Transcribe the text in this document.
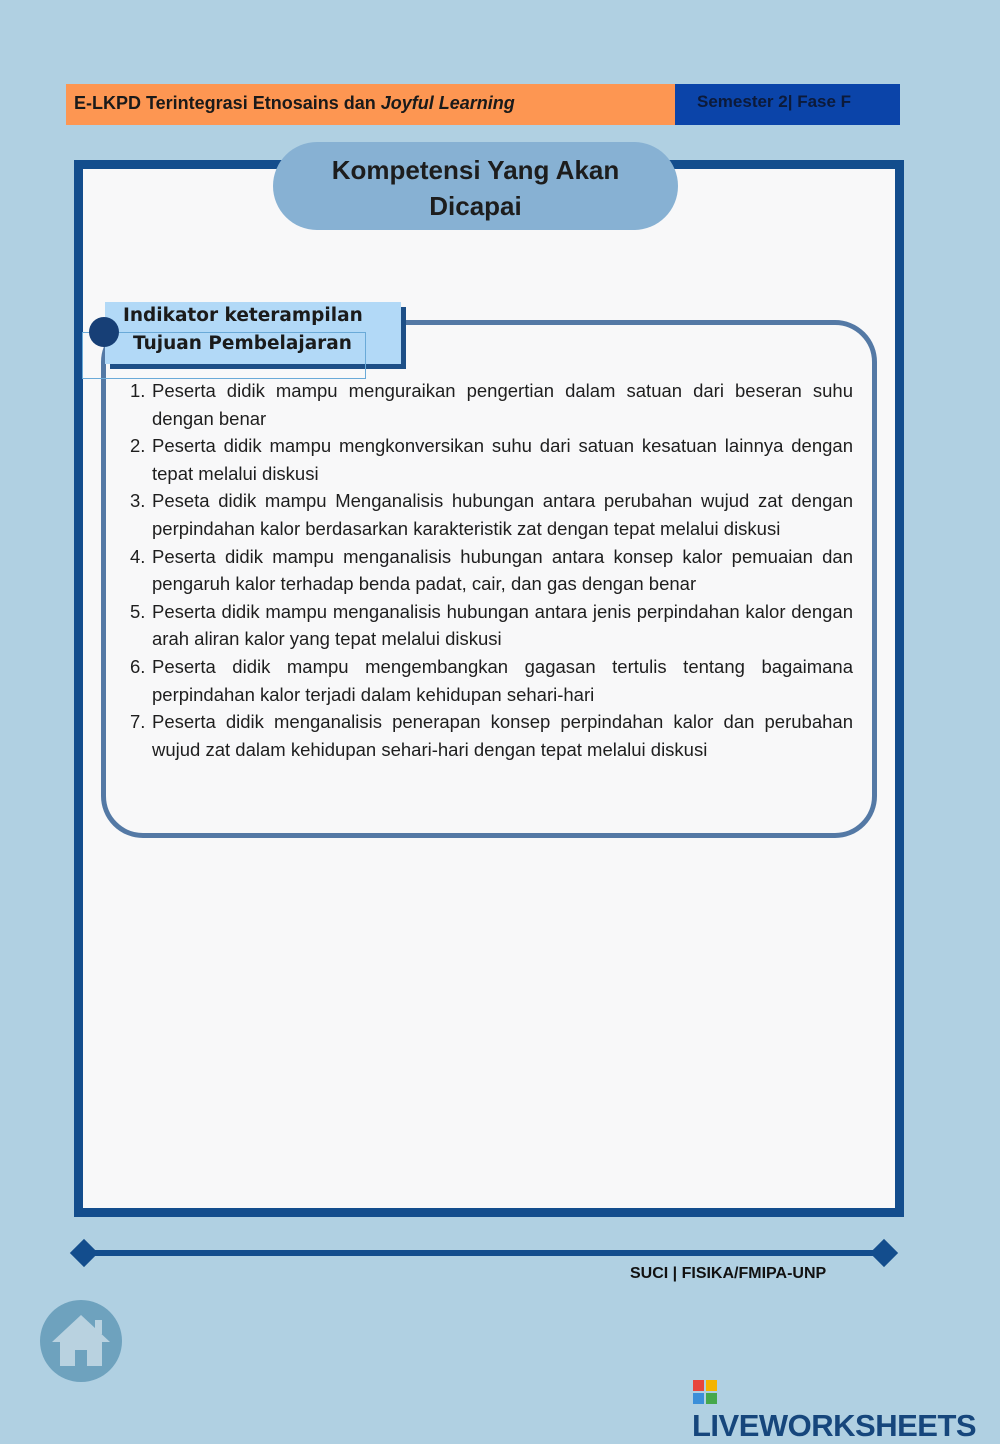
E-LKPD Terintegrasi Etnosains dan Joyful Learning	Semester 2| Fase F
Kompetensi Yang Akan
Dicapai
Indikator keterampilan
Tujuan Pembelajaran
1. Peserta didik mampu menguraikan pengertian dalam satuan dari beseran suhu dengan benar
2. Peserta didik mampu mengkonversikan suhu dari satuan kesatuan lainnya dengan tepat melalui diskusi
3. Peseta didik mampu Menganalisis hubungan antara perubahan wujud zat dengan perpindahan kalor berdasarkan karakteristik zat dengan tepat melalui diskusi
4. Peserta didik mampu menganalisis hubungan antara konsep kalor pemuaian dan pengaruh kalor terhadap benda padat, cair, dan gas dengan benar
5. Peserta didik mampu menganalisis hubungan antara jenis perpindahan kalor dengan arah aliran kalor yang tepat melalui diskusi
6. Peserta didik mampu mengembangkan gagasan tertulis tentang bagaimana perpindahan kalor terjadi dalam kehidupan sehari-hari
7. Peserta didik menganalisis penerapan konsep perpindahan kalor dan perubahan wujud zat dalam kehidupan sehari-hari dengan tepat melalui diskusi
SUCI | FISIKA/FMIPA-UNP
LIVEWORKSHEETS
